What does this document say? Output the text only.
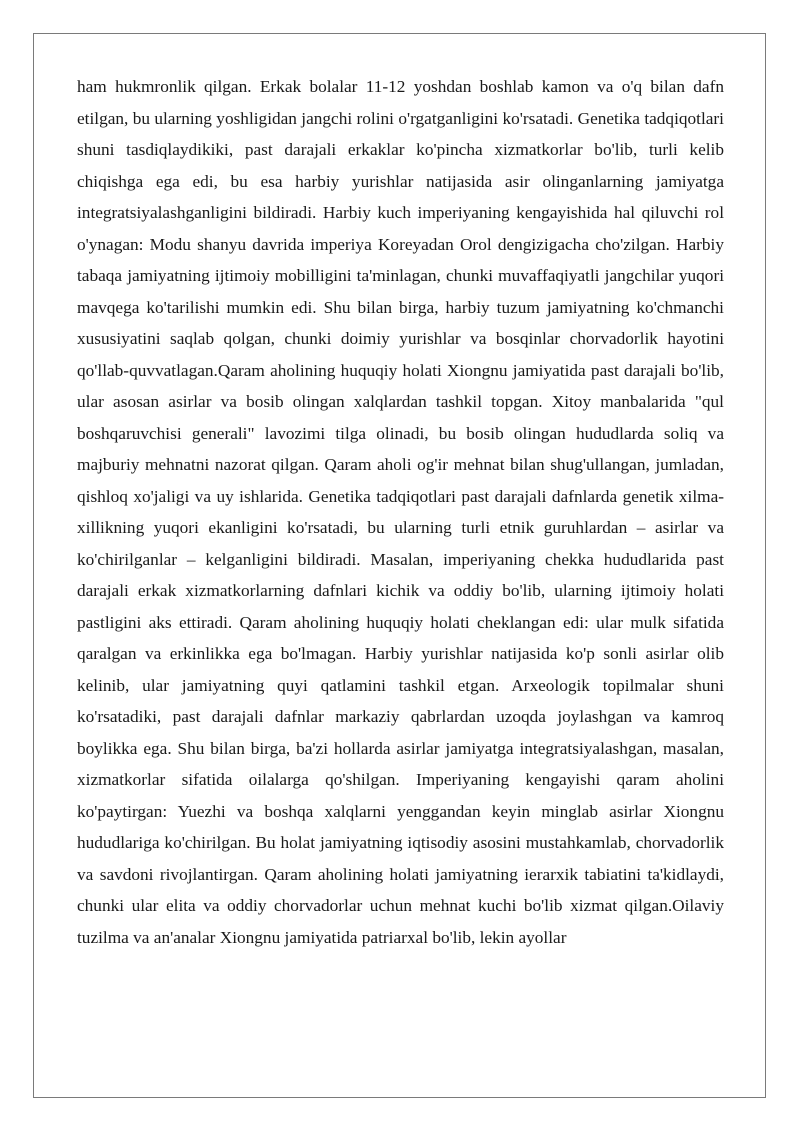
ham hukmronlik qilgan. Erkak bolalar 11-12 yoshdan boshlab kamon va o'q bilan dafn etilgan, bu ularning yoshligidan jangchi rolini o'rgatganligini ko'rsatadi. Genetika tadqiqotlari shuni tasdiqlaydikiki, past darajali erkaklar ko'pincha xizmatkorlar bo'lib, turli kelib chiqishga ega edi, bu esa harbiy yurishlar natijasida asir olinganlarning jamiyatga integratsiyalashganligini bildiradi. Harbiy kuch imperiyaning kengayishida hal qiluvchi rol o'ynagan: Modu shanyu davrida imperiya Koreyadan Orol dengizigacha cho'zilgan. Harbiy tabaqa jamiyatning ijtimoiy mobilligini ta'minlagan, chunki muvaffaqiyatli jangchilar yuqori mavqega ko'tarilishi mumkin edi. Shu bilan birga, harbiy tuzum jamiyatning ko'chmanchi xususiyatini saqlab qolgan, chunki doimiy yurishlar va bosqinlar chorvadorlik hayotini qo'llab-quvvatlagan.Qaram aholining huquqiy holati Xiongnu jamiyatida past darajali bo'lib, ular asosan asirlar va bosib olingan xalqlardan tashkil topgan. Xitoy manbalarida "qul boshqaruvchisi generali" lavozimi tilga olinadi, bu bosib olingan hududlarda soliq va majburiy mehnatni nazorat qilgan. Qaram aholi og'ir mehnat bilan shug'ullangan, jumladan, qishloq xo'jaligi va uy ishlarida. Genetika tadqiqotlari past darajali dafnlarda genetik xilma-xillikning yuqori ekanligini ko'rsatadi, bu ularning turli etnik guruhlardan – asirlar va ko'chirilganlar – kelganligini bildiradi. Masalan, imperiyaning chekka hududlarida past darajali erkak xizmatkorlarning dafnlari kichik va oddiy bo'lib, ularning ijtimoiy holati pastligini aks ettiradi. Qaram aholining huquqiy holati cheklangan edi: ular mulk sifatida qaralgan va erkinlikka ega bo'lmagan. Harbiy yurishlar natijasida ko'p sonli asirlar olib kelinib, ular jamiyatning quyi qatlamini tashkil etgan. Arxeologik topilmalar shuni ko'rsatadiki, past darajali dafnlar markaziy qabrlardan uzoqda joylashgan va kamroq boylikka ega. Shu bilan birga, ba'zi hollarda asirlar jamiyatga integratsiyalashgan, masalan, xizmatkorlar sifatida oilalarga qo'shilgan. Imperiyaning kengayishi qaram aholini ko'paytirgan: Yuezhi va boshqa xalqlarni yenggandan keyin minglab asirlar Xiongnu hududlariga ko'chirilgan. Bu holat jamiyatning iqtisodiy asosini mustahkamlab, chorvadorlik va savdoni rivojlantirgan. Qaram aholining holati jamiyatning ierarxik tabiatini ta'kidlaydi, chunki ular elita va oddiy chorvadorlar uchun mehnat kuchi bo'lib xizmat qilgan.Oilaviy tuzilma va an'analar Xiongnu jamiyatida patriarxal bo'lib, lekin ayollar
